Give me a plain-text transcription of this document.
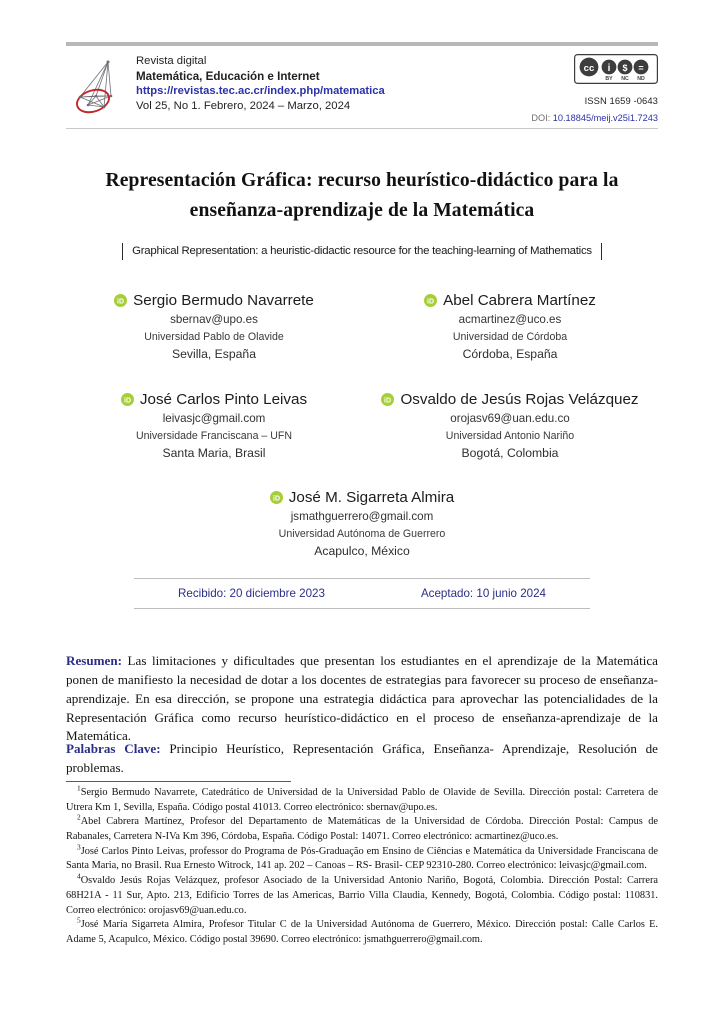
Revista digital
Matemática, Educación e Internet
https://revistas.tec.ac.cr/index.php/matematica
Vol 25, No 1. Febrero, 2024 – Marzo, 2024
cc i $ =
BY NC ND
ISSN 1659 -0643
DOI: 10.18845/meij.v25i1.7243
Representación Gráfica: recurso heurístico-didáctico para la enseñanza-aprendizaje de la Matemática
Graphical Representation: a heuristic-didactic resource for the teaching-learning of Mathematics
iD Sergio Bermudo Navarrete
sbernav@upo.es
Universidad Pablo de Olavide
Sevilla, España
iD Abel Cabrera Martínez
acmartinez@uco.es
Universidad de Córdoba
Córdoba, España
iD José Carlos Pinto Leivas
leivasjc@gmail.com
Universidade Franciscana – UFN
Santa Maria, Brasil
iD Osvaldo de Jesús Rojas Velázquez
orojasv69@uan.edu.co
Universidad Antonio Nariño
Bogotá, Colombia
iD José M. Sigarreta Almira
jsmathguerrero@gmail.com
Universidad Autónoma de Guerrero
Acapulco, México
Recibido: 20 diciembre 2023	Aceptado: 10 junio 2024
Resumen: Las limitaciones y dificultades que presentan los estudiantes en el aprendizaje de la Matemática ponen de manifiesto la necesidad de dotar a los docentes de estrategias para favorecer su proceso de enseñanza-aprendizaje. En esa dirección, se propone una estrategia didáctica para aprovechar las potencialidades de la Representación Gráfica como recurso heurístico-didáctico en el proceso de enseñanza-aprendizaje de la Matemática.
Palabras Clave: Principio Heurístico, Representación Gráfica, Enseñanza- Aprendizaje, Resolución de problemas.

$^1$Sergio Bermudo Navarrete, Catedrático de Universidad de la Universidad Pablo de Olavide de Sevilla. Dirección postal: Carretera de Utrera Km 1, Sevilla, España. Código postal 41013. Correo electrónico: sbernav@upo.es.

$^2$Abel Cabrera Martínez, Profesor del Departamento de Matemáticas de la Universidad de Córdoba. Dirección Postal: Campus de Rabanales, Carretera N-IVa Km 396, Córdoba, España. Código Postal: 14071. Correo electrónico: acmartinez@uco.es.

$^3$José Carlos Pinto Leivas, professor do Programa de Pós-Graduação em Ensino de Ciências e Matemática da Universidade Franciscana de Santa Maria, no Brasil. Rua Ernesto Witrock, 141 ap. 202 – Canoas – RS- Brasil- CEP 92310-280. Correo electrónico: leivasjc@gmail.com.

$^4$Osvaldo Jesús Rojas Velázquez, profesor Asociado de la Universidad Antonio Nariño, Bogotá, Colombia. Dirección Postal: Carrera 68H21A - 11 Sur, Apto. 213, Edificio Torres de las Americas, Barrio Villa Claudia, Kennedy, Bogotá, Colombia. Código postal: 110831. Correo electrónico: orojasv69@uan.edu.co.

$^5$José María Sigarreta Almira, Profesor Titular C de la Universidad Autónoma de Guerrero, México. Dirección postal: Calle Carlos E. Adame 5, Acapulco, México. Código postal 39690. Correo electrónico: jsmathguerrero@gmail.com.
